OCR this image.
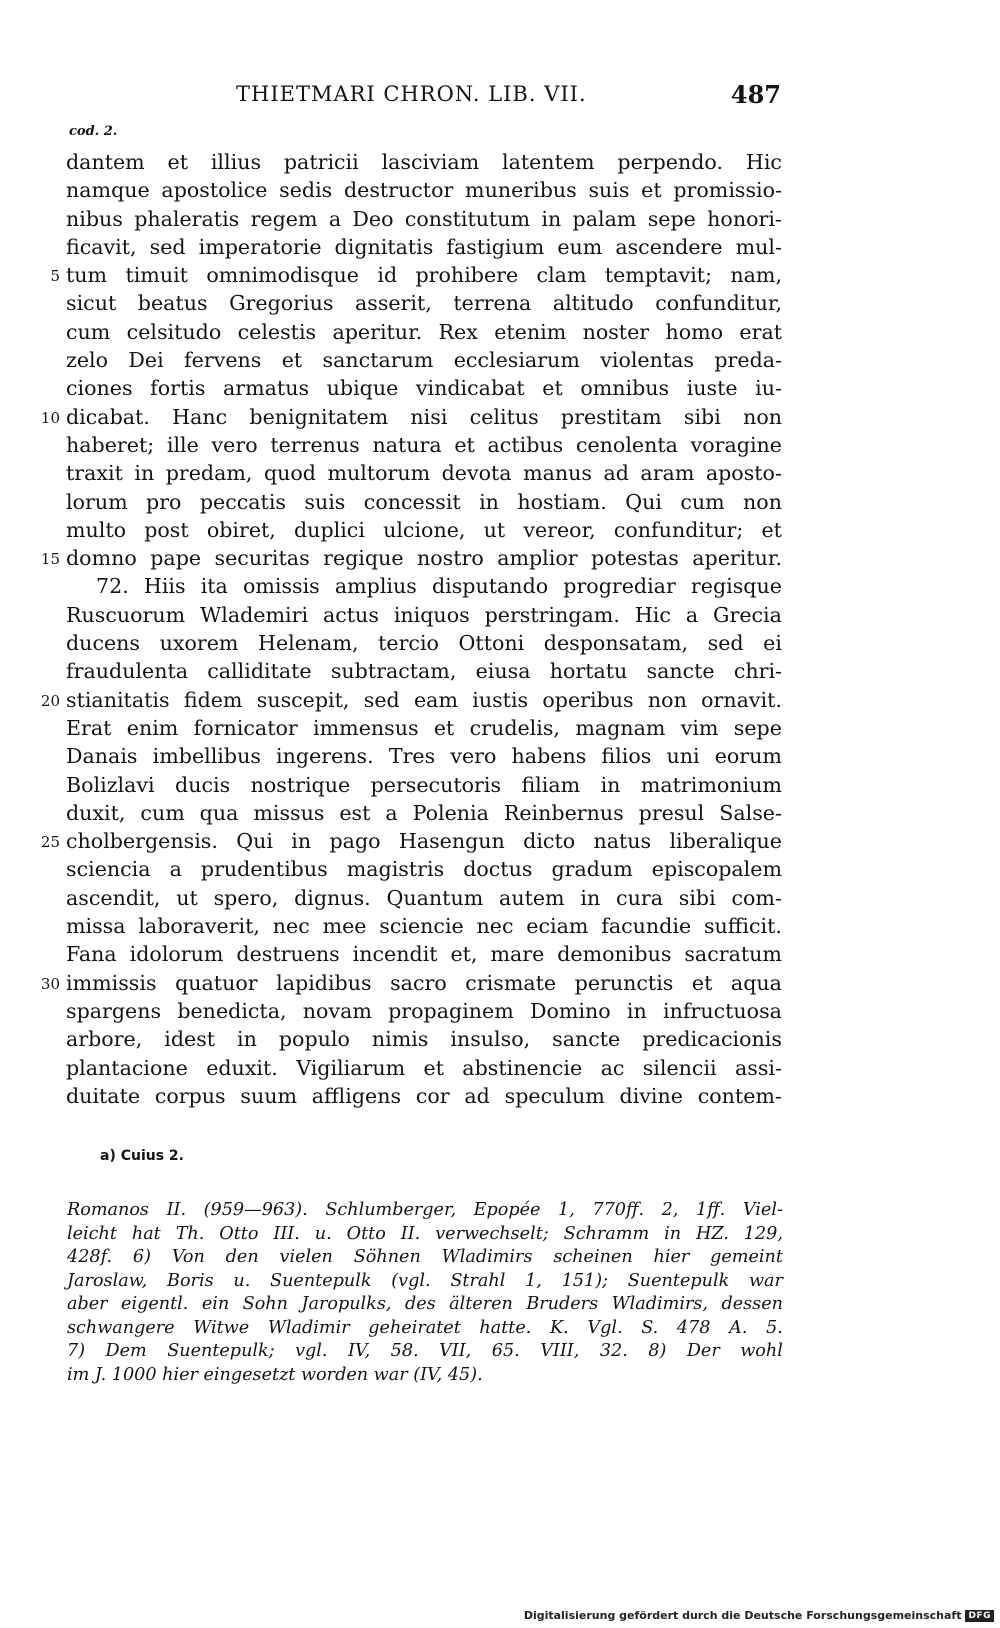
THIETMARI CHRON. LIB. VII.	487
cod. 2.
dantem et illius patricii lasciviam latentem perpendo. Hic
namque apostolice sedis destructor muneribus suis et promissio-
nibus phaleratis regem a Deo constitutum in palam sepe honori-
ficavit, sed imperatorie dignitatis fastigium eum ascendere mul-
5 tum timuit omnimodisque id prohibere clam temptavit; nam,
sicut beatus Gregorius asserit, terrena altitudo confunditur,
cum celsitudo celestis aperitur. Rex etenim noster homo erat
zelo Dei fervens et sanctarum ecclesiarum violentas preda-
ciones fortis armatus ubique vindicabat et omnibus iuste iu-
10 dicabat. Hanc benignitatem nisi celitus prestitam sibi non
haberet; ille vero terrenus natura et actibus cenolenta voragine
traxit in predam, quod multorum devota manus ad aram aposto-
lorum pro peccatis suis concessit in hostiam. Qui cum non
multo post obiret, duplici ulcione, ut vereor, confunditur; et
15 domno pape securitas regique nostro amplior potestas aperitur.
72. Hiis ita omissis amplius disputando progrediar regisque
Ruscuorum Wlademiri actus iniquos perstringam. Hic a Grecia
ducens uxorem Helenam, tercio Ottoni desponsatam, sed ei
fraudulenta calliditate subtractam, eiusa hortatu sancte chri-
20 stianitatis fidem suscepit, sed eam iustis operibus non ornavit.
Erat enim fornicator immensus et crudelis, magnam vim sepe
Danais imbellibus ingerens. Tres vero habens filios uni eorum
Bolizlavi ducis nostrique persecutoris filiam in matrimonium
duxit, cum qua missus est a Polenia Reinbernus presul Salse-
25 cholbergensis. Qui in pago Hasengun dicto natus liberalique
sciencia a prudentibus magistris doctus gradum episcopalem
ascendit, ut spero, dignus. Quantum autem in cura sibi com-
missa laboraverit, nec mee sciencie nec eciam facundie sufficit.
Fana idolorum destruens incendit et, mare demonibus sacratum
30 immissis quatuor lapidibus sacro crismate perunctis et aqua
spargens benedicta, novam propaginem Domino in infructuosa
arbore, idest in populo nimis insulso, sancte predicacionis
plantacione eduxit. Vigiliarum et abstinencie ac silencii assi-
duitate corpus suum affligens cor ad speculum divine contem-
a) Cuius 2.
Romanos II. (959—963). Schlumberger, Epopée 1, 770ff. 2, 1ff. Viel-
leicht hat Th. Otto III. u. Otto II. verwechselt; Schramm in HZ. 129,
428f. 6) Von den vielen Söhnen Wladimirs scheinen hier gemeint
Jaroslaw, Boris u. Suentepulk (vgl. Strahl 1, 151); Suentepulk war
aber eigentl. ein Sohn Jaropulks, des älteren Bruders Wladimirs, dessen
schwangere Witwe Wladimir geheiratet hatte. K. Vgl. S. 478 A. 5.
7) Dem Suentepulk; vgl. IV, 58. VII, 65. VIII, 32. 8) Der wohl
im J. 1000 hier eingesetzt worden war (IV, 45).
Digitalisierung gefördert durch die Deutsche Forschungsgemeinschaft DFG
